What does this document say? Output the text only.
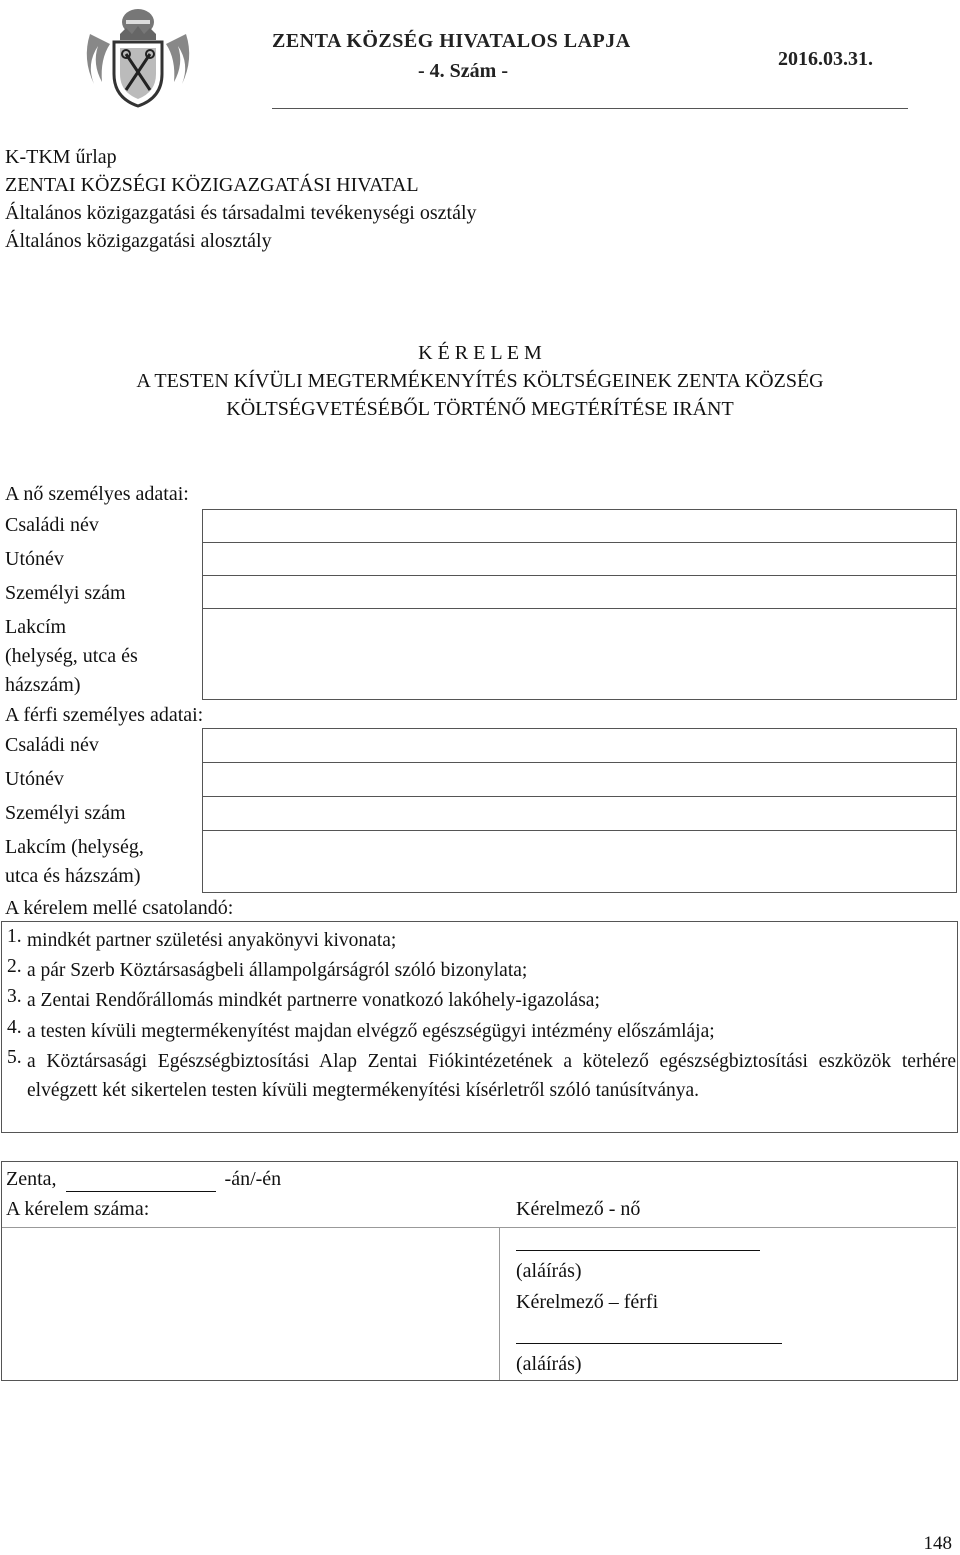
ZENTA KÖZSÉG HIVATALOS LAPJA
- 4. Szám -
2016.03.31.
K-TKM űrlap
ZENTAI KÖZSÉGI KÖZIGAZGATÁSI HIVATAL
Általános közigazgatási és társadalmi tevékenységi osztály
Általános közigazgatási alosztály
K É R E L E M
A TESTEN KÍVÜLI MEGTERMÉKENYÍTÉS KÖLTSÉGEINEK ZENTA KÖZSÉG
KÖLTSÉGVETÉSÉBŐL TÖRTÉNŐ MEGTÉRÍTÉSE IRÁNT
A nő személyes adatai:
Családi név
Utónév
Személyi szám
Lakcím
(helység, utca és
házszám)
A férfi személyes adatai:
Családi név
Utónév
Személyi szám
Lakcím (helység,
utca és házszám)
A kérelem mellé csatolandó:
1. mindkét partner születési anyakönyvi kivonata;
2. a pár Szerb Köztársaságbeli állampolgárságról szóló bizonylata;
3. a Zentai Rendőrállomás mindkét partnerre vonatkozó lakóhely-igazolása;
4. a testen kívüli megtermékenyítést majdan elvégző egészségügyi intézmény előszámlája;
5. a Köztársasági Egészségbiztosítási Alap Zentai Fiókintézetének a kötelező egészségbiztosítási eszközök terhére elvégzett két sikertelen testen kívüli megtermékenyítési kísérletről szóló tanúsítványa.
Zenta,	-án/-én
A kérelem száma:	Kérelmező - nő
(aláírás)
Kérelmező – férfi
(aláírás)
148
